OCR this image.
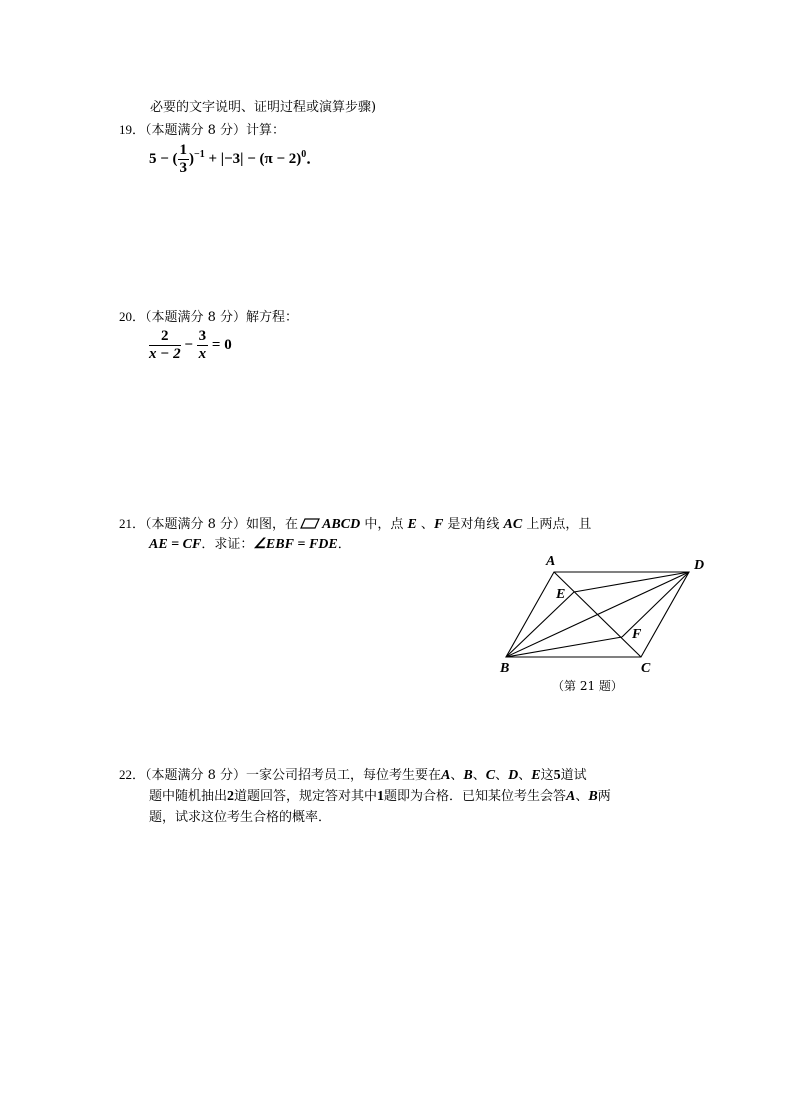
必要的文字说明、证明过程或演算步骤)
19．（本题满分 8 分）计算：
5 − ( $\frac{1}{3} )^{-1} + |-3| - (\pi - 2)^0$．
20．（本题满分 8 分）解方程：
$\frac{2}{x - 2} - \frac{3}{x} = 0$
21．（本题满分 8 分）如图，在 ABCD 中，点 E 、F 是对角线 AC 上两点，且
AE = CF．求证：∠EBF = FDE．
A	D
E
F
B	C
（第 21 题）
22．（本题满分 8 分）一家公司招考员工，每位考生要在A、B、C、D、E这5道试
题中随机抽出2道题回答，规定答对其中1题即为合格．已知某位考生会答A、B两
题，试求这位考生合格的概率．
